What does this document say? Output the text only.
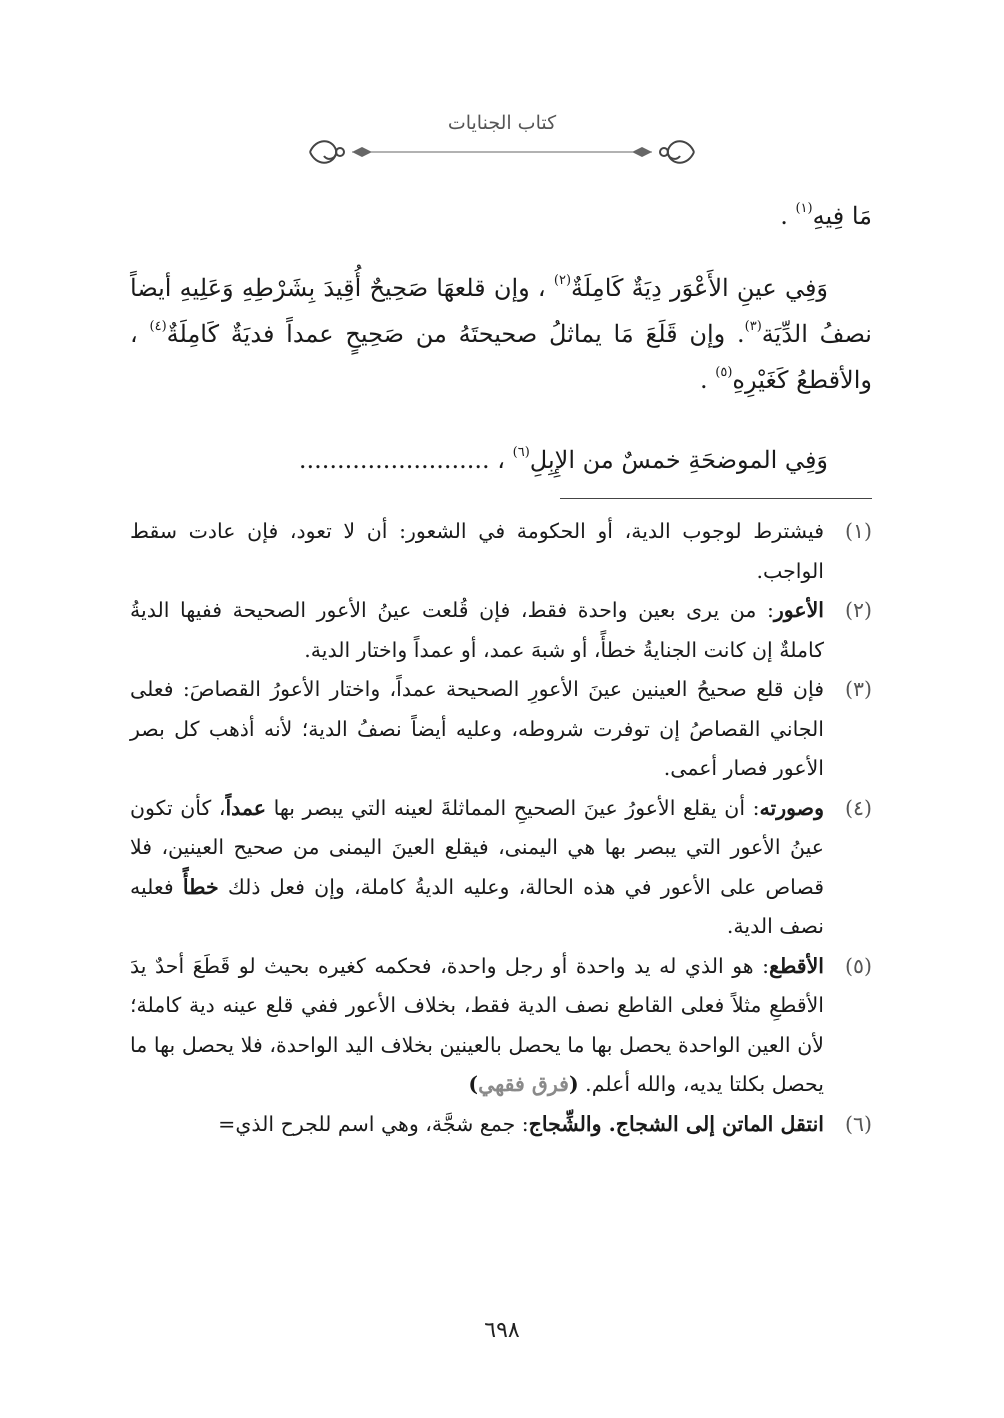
كتاب الجنايات

مَا فِيهِ$^{(١)}$ .

وَفِي عينِ الأَعْوَر دِيَةٌ كَامِلَةٌ$^{(٢)}$ ، وإن قلعهَا صَحِيحٌ أُقِيدَ بِشَرْطِهِ وَعَلِيهِ أيضاً نصفُ الدِّيَة$^{(٣)}$. وإن قَلَعَ مَا يماثلُ صحيحتَهُ من صَحِيحٍ عمداً فديَةٌ كَامِلَةٌ$^{(٤)}$ ، والأقطعُ كَغَيْرِهِ$^{(٥)}$ .

وَفِي الموضحَةِ خمسٌ من الإِبِلِ$^{(٦)}$ ، .........................

(١)
فيشترط لوجوب الدية، أو الحكومة في الشعور: أن لا تعود، فإن عادت سقط الواجب.
(٢)
الأعور: من يرى بعين واحدة فقط، فإن قُلعت عينُ الأعور الصحيحة ففيها الديةُ كاملةٌ إن كانت الجنايةُ خطأً، أو شبهَ عمد، أو عمداً واختار الدية.
(٣)
فإن قلع صحيحُ العينين عينَ الأعورِ الصحيحة عمداً، واختار الأعورُ القصاصَ: فعلى الجاني القصاصُ إن توفرت شروطه، وعليه أيضاً نصفُ الدية؛ لأنه أذهب كل بصر الأعور فصار أعمى.
(٤)
وصورته: أن يقلع الأعورُ عينَ الصحيحِ المماثلةَ لعينه التي يبصر بها عمداً، كأن تكون عينُ الأعور التي يبصر بها هي اليمنى، فيقلع العينَ اليمنى من صحيح العينين، فلا قصاص على الأعور في هذه الحالة، وعليه الديةُ كاملة، وإن فعل ذلك خطأً فعليه نصف الدية.
(٥)
الأقطع: هو الذي له يد واحدة أو رجل واحدة، فحكمه كغيره بحيث لو قَطَعَ أحدٌ يدَ الأقطعِ مثلاً فعلى القاطع نصف الدية فقط، بخلاف الأعور ففي قلع عينه دية كاملة؛ لأن العين الواحدة يحصل بها ما يحصل بالعينين بخلاف اليد الواحدة، فلا يحصل بها ما يحصل بكلتا يديه، والله أعلم. (فرق فقهي)
(٦)
انتقل الماتن إلى الشجاج. والشِّجاج: جمع شجَّة، وهي اسم للجرح الذي=
٦٩٨
